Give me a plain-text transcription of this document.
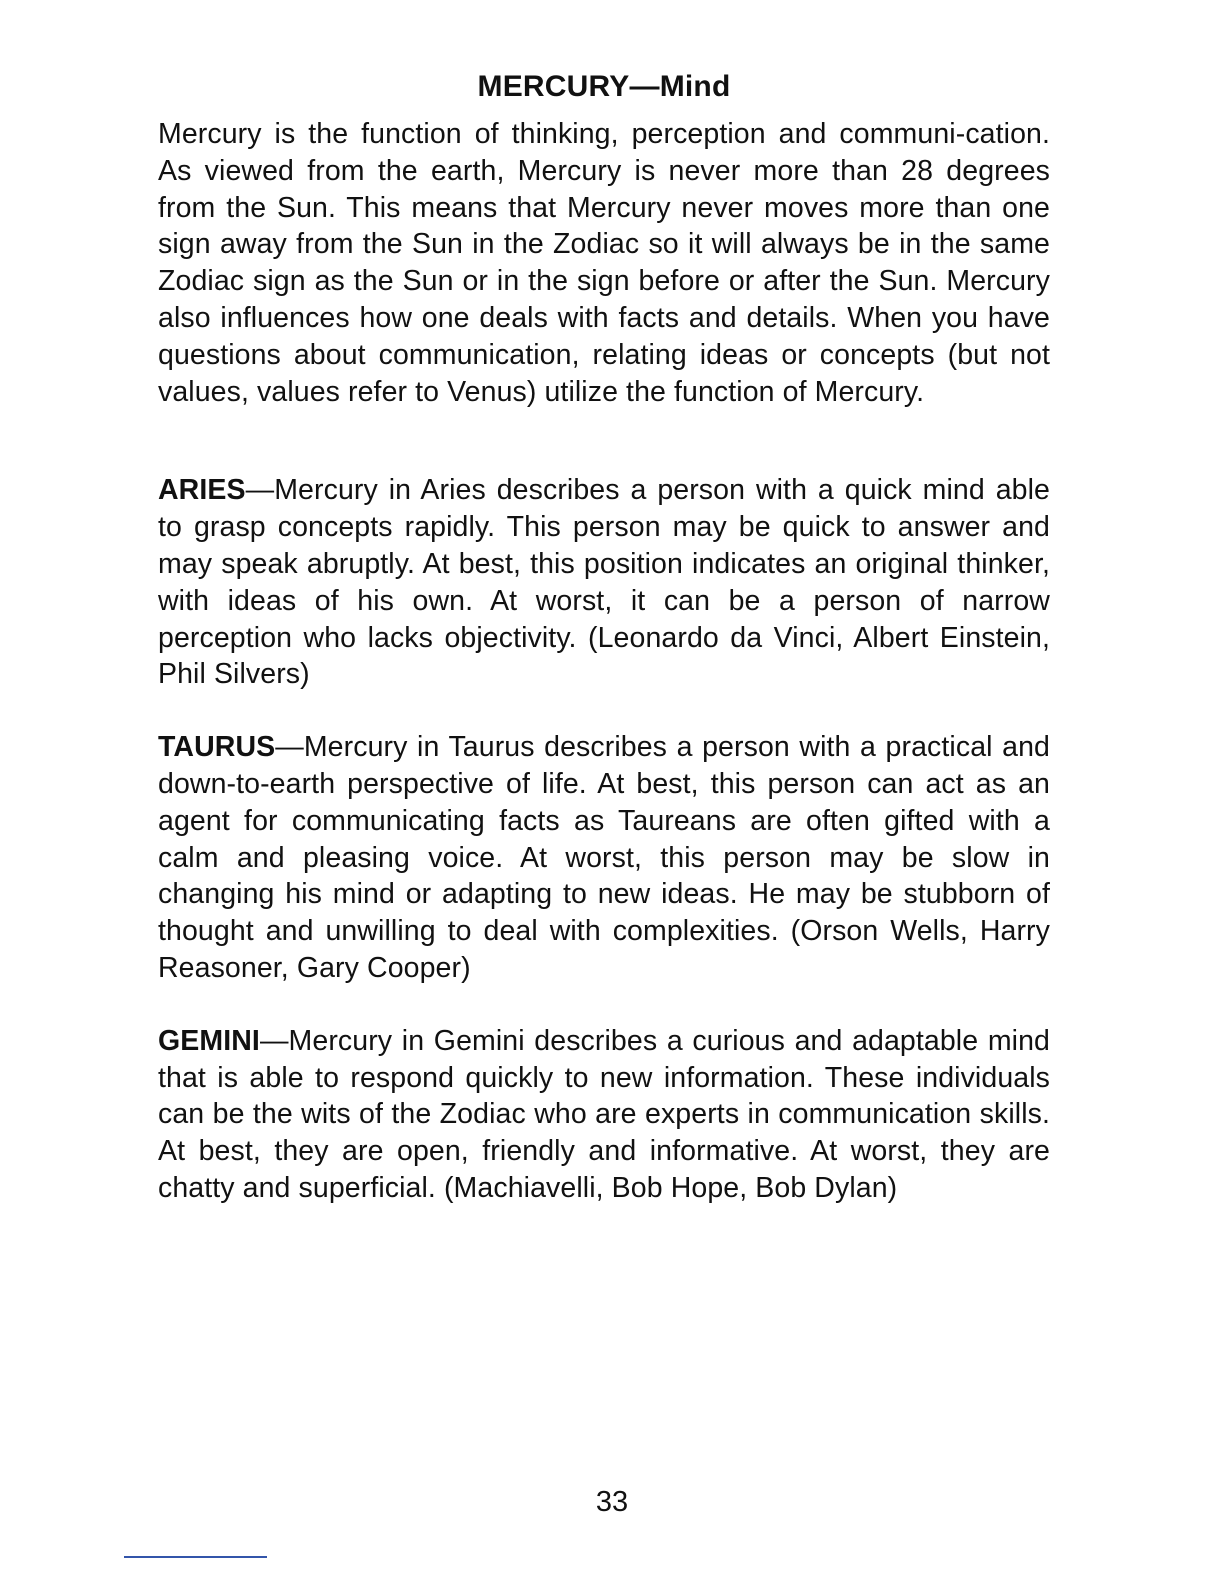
MERCURY—Mind

Mercury is the function of thinking, perception and communi-cation. As viewed from the earth, Mercury is never more than 28 degrees from the Sun. This means that Mercury never moves more than one sign away from the Sun in the Zodiac so it will always be in the same Zodiac sign as the Sun or in the sign before or after the Sun. Mercury also influences how one deals with facts and details. When you have questions about communication, relating ideas or concepts (but not values, values refer to Venus) utilize the function of Mercury.

ARIES—Mercury in Aries describes a person with a quick mind able to grasp concepts rapidly. This person may be quick to answer and may speak abruptly. At best, this position indicates an original thinker, with ideas of his own. At worst, it can be a person of narrow perception who lacks objectivity. (Leonardo da Vinci, Albert Einstein, Phil Silvers)

TAURUS—Mercury in Taurus describes a person with a practical and down-to-earth perspective of life. At best, this person can act as an agent for communicating facts as Taureans are often gifted with a calm and pleasing voice. At worst, this person may be slow in changing his mind or adapting to new ideas. He may be stubborn of thought and unwilling to deal with complexities. (Orson Wells, Harry Reasoner, Gary Cooper)

GEMINI—Mercury in Gemini describes a curious and adaptable mind that is able to respond quickly to new information. These individuals can be the wits of the Zodiac who are experts in communication skills. At best, they are open, friendly and informative. At worst, they are chatty and superficial. (Machiavelli, Bob Hope, Bob Dylan)

33
